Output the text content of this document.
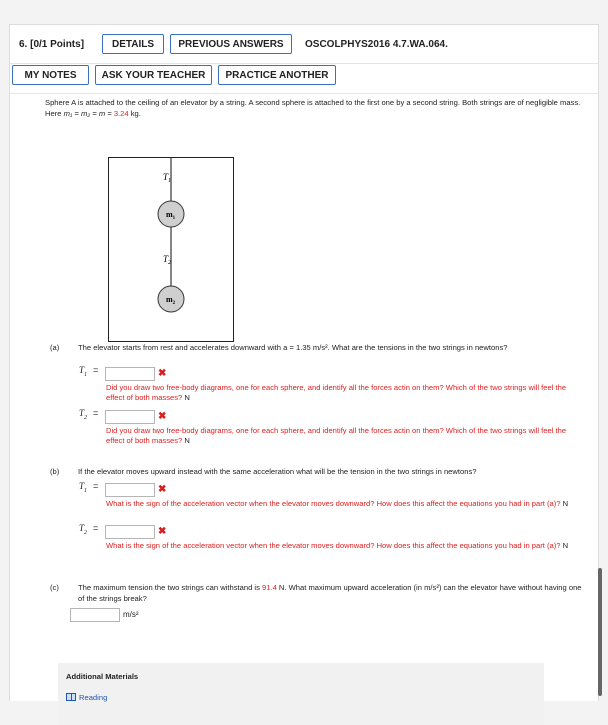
6. [0/1 Points]	DETAILS	PREVIOUS ANSWERS	OSCOLPHYS2016 4.7.WA.064.
MY NOTES	ASK YOUR TEACHER	PRACTICE ANOTHER
Sphere A is attached to the ceiling of an elevator by a string. A second sphere is attached to the first one by a second string. Both strings are of negligible mass. Here m₁ = m₂ = m = 3.24 kg.
$T_1$
$T_2$
$m_1$
$m_2$
(a) The elevator starts from rest and accelerates downward with a = 1.35 m/s². What are the tensions in the two strings in newtons?
$T_1$ =	✖
Did you draw two free-body diagrams, one for each sphere, and identify all the forces actin on them? Which of the two strings will feel the effect of both masses? N
$T_2$ =	✖
Did you draw two free-body diagrams, one for each sphere, and identify all the forces actin on them? Which of the two strings will feel the effect of both masses? N
(b) If the elevator moves upward instead with the same acceleration what will be the tension in the two strings in newtons?
$T_1$ =	✖
What is the sign of the acceleration vector when the elevator moves downward? How does this affect the equations you had in part (a)? N
$T_2$ =	✖
What is the sign of the acceleration vector when the elevator moves downward? How does this affect the equations you had in part (a)? N
(c)	The maximum tension the two strings can withstand is 91.4 N. What maximum upward acceleration (in m/s²) can the elevator have without having one of the strings break?
m/s²
Additional Materials
Reading
